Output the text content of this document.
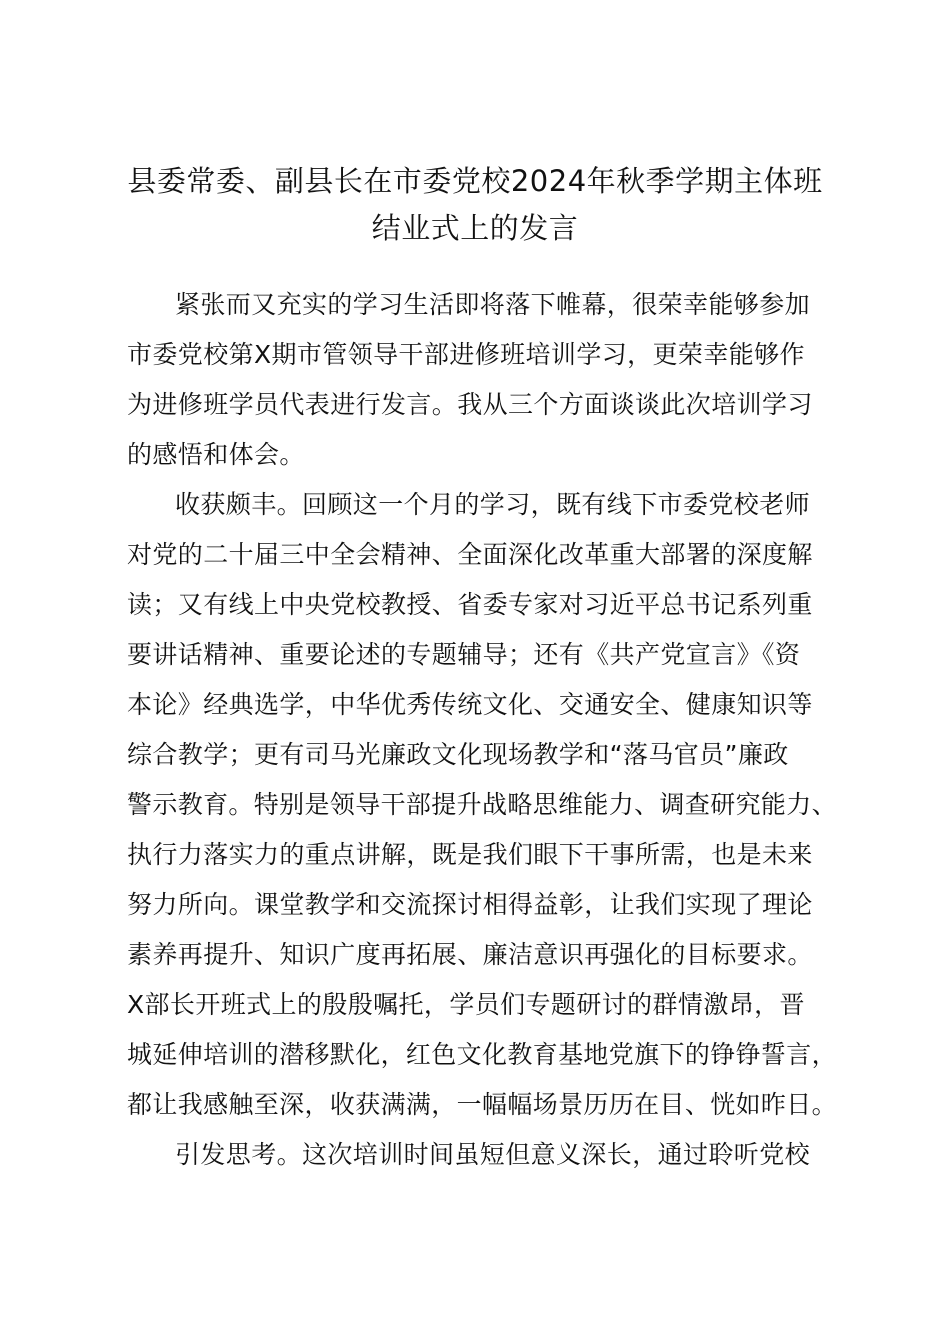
县委常委、副县长在市委党校2024年秋季学期主体班
结业式上的发言
紧张而又充实的学习生活即将落下帷幕，很荣幸能够参加
市委党校第X期市管领导干部进修班培训学习，更荣幸能够作
为进修班学员代表进行发言。我从三个方面谈谈此次培训学习
的感悟和体会。
收获颇丰。回顾这一个月的学习，既有线下市委党校老师
对党的二十届三中全会精神、全面深化改革重大部署的深度解
读；又有线上中央党校教授、省委专家对习近平总书记系列重
要讲话精神、重要论述的专题辅导；还有《共产党宣言》《资
本论》经典选学，中华优秀传统文化、交通安全、健康知识等
综合教学；更有司马光廉政文化现场教学和“落马官员”廉政
警示教育。特别是领导干部提升战略思维能力、调查研究能力、
执行力落实力的重点讲解，既是我们眼下干事所需，也是未来
努力所向。课堂教学和交流探讨相得益彰，让我们实现了理论
素养再提升、知识广度再拓展、廉洁意识再强化的目标要求。
X部长开班式上的殷殷嘱托，学员们专题研讨的群情激昂，晋
城延伸培训的潜移默化，红色文化教育基地党旗下的铮铮誓言，
都让我感触至深，收获满满，一幅幅场景历历在目、恍如昨日。
引发思考。这次培训时间虽短但意义深长，通过聆听党校
